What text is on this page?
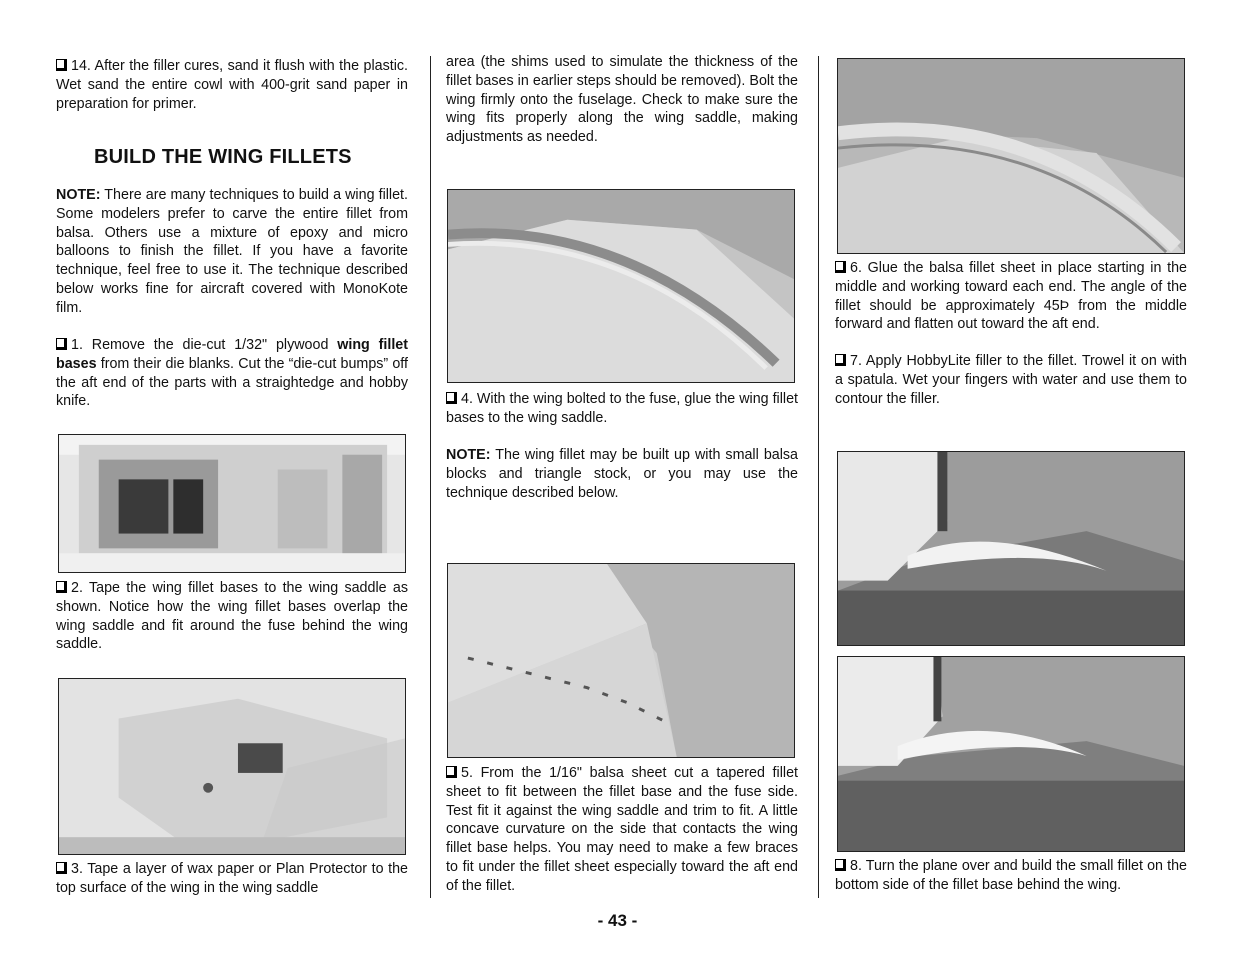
14. After the filler cures, sand it flush with the plastic. Wet sand the entire cowl with 400-grit sand paper in preparation for primer.

BUILD THE WING FILLETS

NOTE: There are many techniques to build a wing fillet. Some modelers prefer to carve the entire fillet from balsa. Others use a mixture of epoxy and micro balloons to finish the fillet. If you have a favorite technique, feel free to use it. The technique described below works fine for aircraft covered with MonoKote film.

1. Remove the die-cut 1/32" plywood wing fillet bases from their die blanks. Cut the “die-cut bumps” off the aft end of the parts with a straightedge and hobby knife.

2. Tape the wing fillet bases to the wing saddle as shown. Notice how the wing fillet bases overlap the wing saddle and fit around the fuse behind the wing saddle.

3. Tape a layer of wax paper or Plan Protector to the top surface of the wing in the wing saddle

area (the shims used to simulate the thickness of the fillet bases in earlier steps should be removed). Bolt the wing firmly onto the fuselage. Check to make sure the wing fits properly along the wing saddle, making adjustments as needed.

4. With the wing bolted to the fuse, glue the wing fillet bases to the wing saddle.

NOTE: The wing fillet may be built up with small balsa blocks and triangle stock, or you may use the technique described below.

5. From the 1/16" balsa sheet cut a tapered fillet sheet to fit between the fillet base and the fuse side. Test fit it against the wing saddle and trim to fit. A little concave curvature on the side that contacts the wing fillet base helps. You may need to make a few braces to fit under the fillet sheet especially toward the aft end of the fillet.

6. Glue the balsa fillet sheet in place starting in the middle and working toward each end. The angle of the fillet should be approximately 45Þ from the middle forward and flatten out toward the aft end.

7. Apply HobbyLite filler to the fillet. Trowel it on with a spatula. Wet your fingers with water and use them to contour the filler.

8. Turn the plane over and build the small fillet on the bottom side of the fillet base behind the wing.

- 43 -
